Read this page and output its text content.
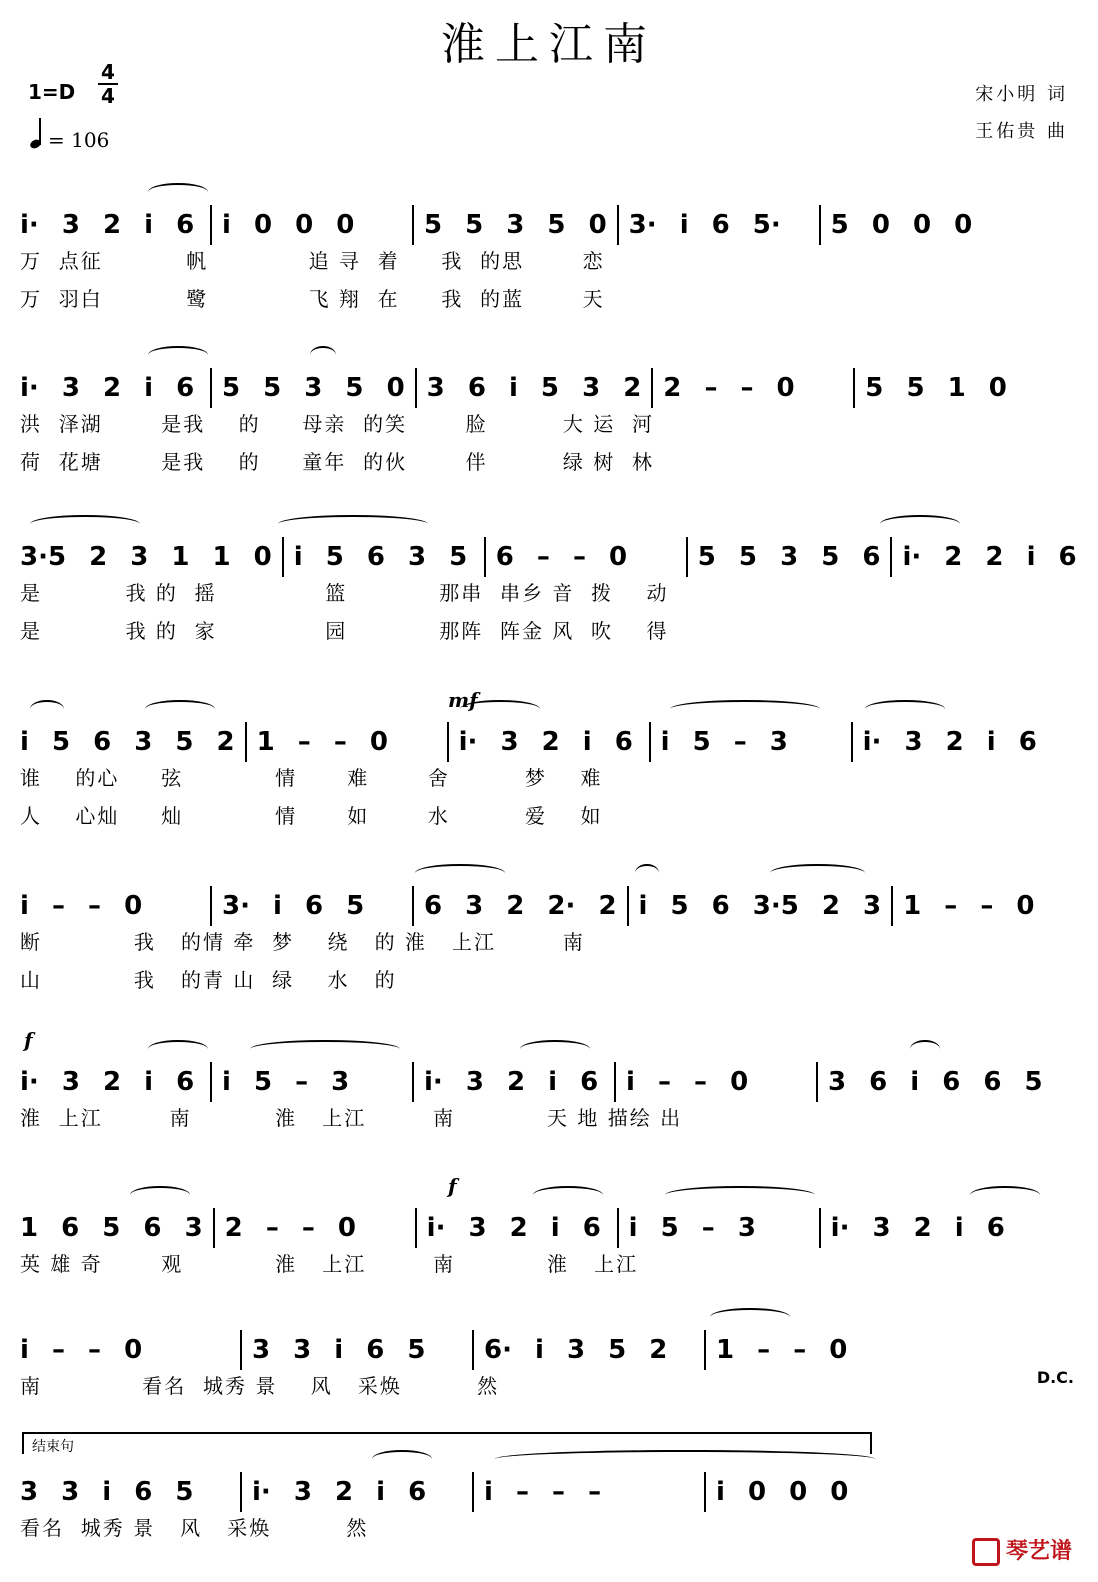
淮上江南
1=D
4
4
= 106
宋小明 词
王佑贵 曲
i· 3 2 i 6 i 0 0 0	5 5 3 5 0 3· i 6 5· 5 0 0 0
万  点征          帆            追 寻  着     我  的思       恋
万  羽白          鹭            飞 翔  在     我  的蓝       天
i· 3 2 i 6 5 5 3 5 0 3 6 i 5 3 2 2 – – 0	5 5 1 0
洪  泽湖       是我    的     母亲  的笑       脸         大 运  河
荷  花塘       是我    的     童年  的伙       伴         绿 树  林
3·5 2 3 1 1 0 i 5 6 3 5 6 – – 0	5 5 3 5 6 i· 2 2 i 6
是          我 的  摇             篮           那串  串乡 音  拨    动
是          我 的  家             园           那阵  阵金 风  吹    得
i 5 6 3 5 2 1 – – 0	i· 3 2 i 6 i 5 – 3	i· 3 2 i 6
mf
谁    的心     弦           情      难       舍         梦    难
人    心灿     灿           情      如       水         爱    如
i – – 0	3· i 6 5 6 3 2 2· 2 i 5 6 3·5 2 3 1 – – 0
断           我   的情 牵  梦    绕   的 淮   上江        南
山           我   的青 山  绿    水   的
i· 3 2 i 6 i 5 – 3	i· 3 2 i 6 i – – 0	3 6 i 6 6 5
f
淮  上江        南          淮   上江        南           天 地 描绘 出
1 6 5 6 3 2 – – 0	i· 3 2 i 6 i 5 – 3	i· 3 2 i 6
f
英 雄 奇       观           淮   上江        南           淮   上江
i – – 0	3 3 i 6 5 6· i 3 5 2 1 – – 0
D.C.
南            看名  城秀 景    风   采焕         然
3 3 i 6 5 i· 3 2 i 6 i – – –	i 0 0 0
看名  城秀 景   风   采焕         然
结束句
琴艺谱
